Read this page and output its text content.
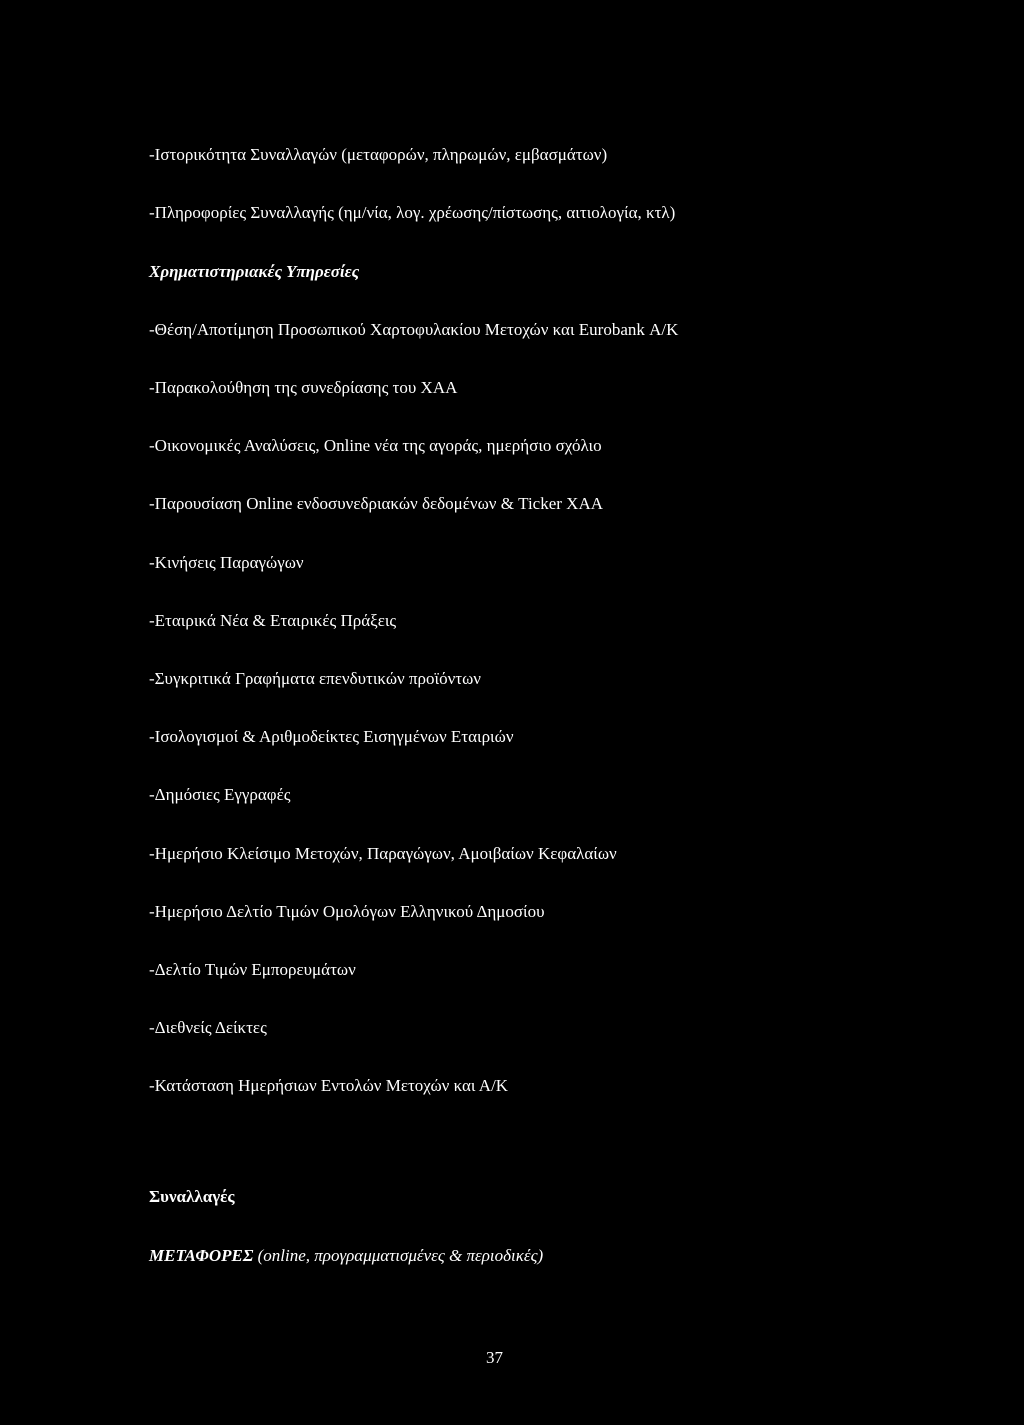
-Ιστορικότητα Συναλλαγών (μεταφορών, πληρωμών, εμβασμάτων)
-Πληροφορίες Συναλλαγής (ημ/νία, λογ. χρέωσης/πίστωσης, αιτιολογία, κτλ)
Χρηματιστηριακές Υπηρεσίες
-Θέση/Αποτίμηση Προσωπικού Χαρτοφυλακίου Μετοχών και Eurobank Α/Κ
-Παρακολούθηση της συνεδρίασης του ΧΑΑ
-Οικονομικές Αναλύσεις, Online νέα της αγοράς, ημερήσιο σχόλιο
-Παρουσίαση Online ενδοσυνεδριακών δεδομένων & Ticker ΧΑΑ
-Κινήσεις Παραγώγων
-Εταιρικά Νέα & Εταιρικές Πράξεις
-Συγκριτικά Γραφήματα επενδυτικών προϊόντων
-Ισολογισμοί & Αριθμοδείκτες Εισηγμένων Εταιριών
-Δημόσιες Εγγραφές
-Ημερήσιο Κλείσιμο Μετοχών, Παραγώγων, Αμοιβαίων Κεφαλαίων
-Ημερήσιο Δελτίο Τιμών Ομολόγων Ελληνικού Δημοσίου
-Δελτίο Τιμών Εμπορευμάτων
-Διεθνείς Δείκτες
-Κατάσταση Ημερήσιων Εντολών Μετοχών και Α/Κ
Συναλλαγές
ΜΕΤΑΦΟΡΕΣ (online, προγραμματισμένες & περιοδικές)
37
